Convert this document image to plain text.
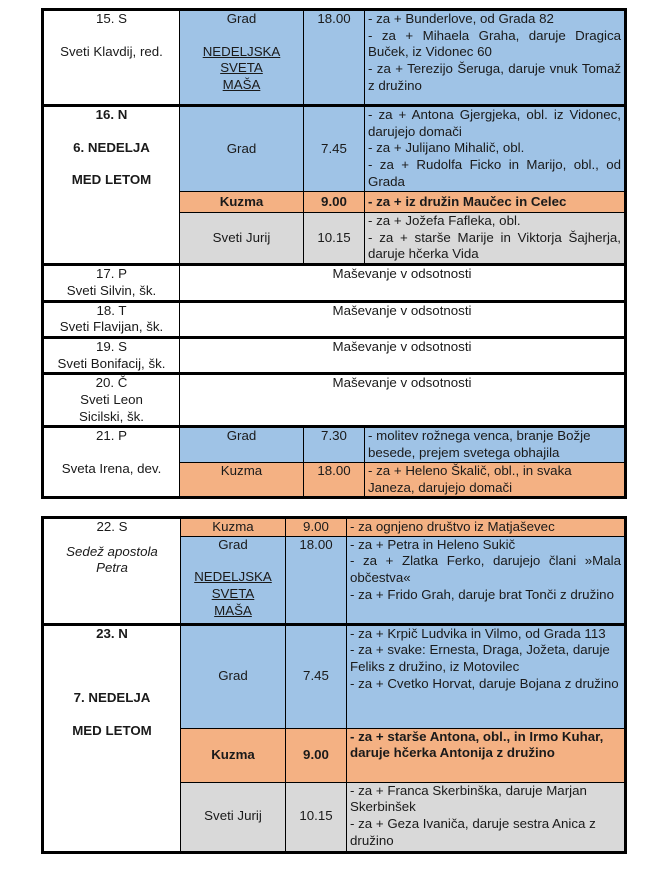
15. S
Sveti Klavdij, red.	Grad
NEDELJSKA
SVETA
MAŠA	18.00	- za + Bunderlove, od Grada 82
- za + Mihaela Graha, daruje Dragica Buček, iz Vidonec 60
- za + Terezijo Šeruga, daruje vnuk Tomaž z družino

16. N
6. NEDELJA
MED LETOM	Grad	7.45	- za + Antona Gjergjeka, obl. iz Vidonec, darujejo domači
- za + Julijano Mihalič, obl.
- za + Rudolfa Ficko in Marijo, obl., od Grada

	Kuzma	9.00	- za + iz družin Maučec in Celec

	Sveti Jurij	10.15	- za + Jožefa Fafleka, obl.
- za + starše Marije in Viktorja Šajherja, daruje hčerka Vida

17. P
Sveti Silvin, šk.	Maševanje v odsotnosti		

18. T
Sveti Flavijan, šk.	Maševanje v odsotnosti		

19. S
Sveti Bonifacij, šk.	Maševanje v odsotnosti		

20. Č
Sveti Leon
Sicilski, šk.	Maševanje v odsotnosti		

21. P
Sveta Irena, dev.	Grad	7.30	- molitev rožnega venca, branje Božje besede, prejem svetega obhajila

	Kuzma	18.00	- za + Heleno Škalič, obl., in svaka Janeza, darujejo domači
22. S
Sedež apostola
Petra	Kuzma	9.00	- za ognjeno društvo iz Matjaševec

	Grad
NEDELJSKA
SVETA
MAŠA	18.00	- za + Petra in Heleno Sukič
- za + Zlatka Ferko, darujejo člani »Mala občestva«
- za + Frido Grah, daruje brat Tonči z družino

23. N
7. NEDELJA
MED LETOM	Grad	7.45	- za + Krpič Ludvika in Vilmo, od Grada 113
- za + svake: Ernesta, Draga, Jožeta, daruje Feliks z družino, iz Motovilec
- za + Cvetko Horvat, daruje Bojana z družino

	Kuzma	9.00	- za + starše Antona, obl., in Irmo Kuhar, daruje hčerka Antonija z družino

	Sveti Jurij	10.15	- za + Franca Skerbinška, daruje Marjan Skerbinšek
- za + Geza Ivaniča, daruje sestra Anica z družino
